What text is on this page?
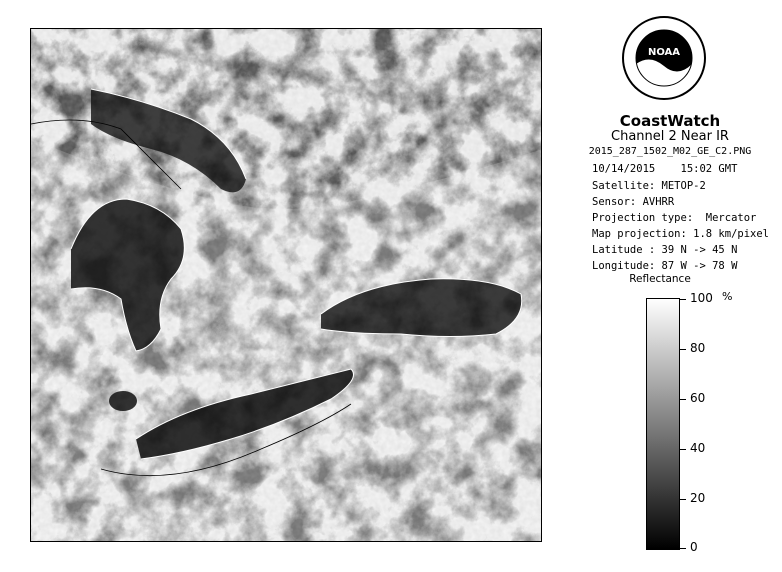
NOAA
CoastWatch
Channel 2 Near IR
2015_287_1502_M02_GE_C2.PNG
10/14/2015    15:02 GMT
Satellite: METOP-2
Sensor: AVHRR
Projection type:  Mercator
Map projection: 1.8 km/pixel
Latitude : 39 N -> 45 N
Longitude: 87 W -> 78 W
Reflectance
%
100
80
60
40
20
0
